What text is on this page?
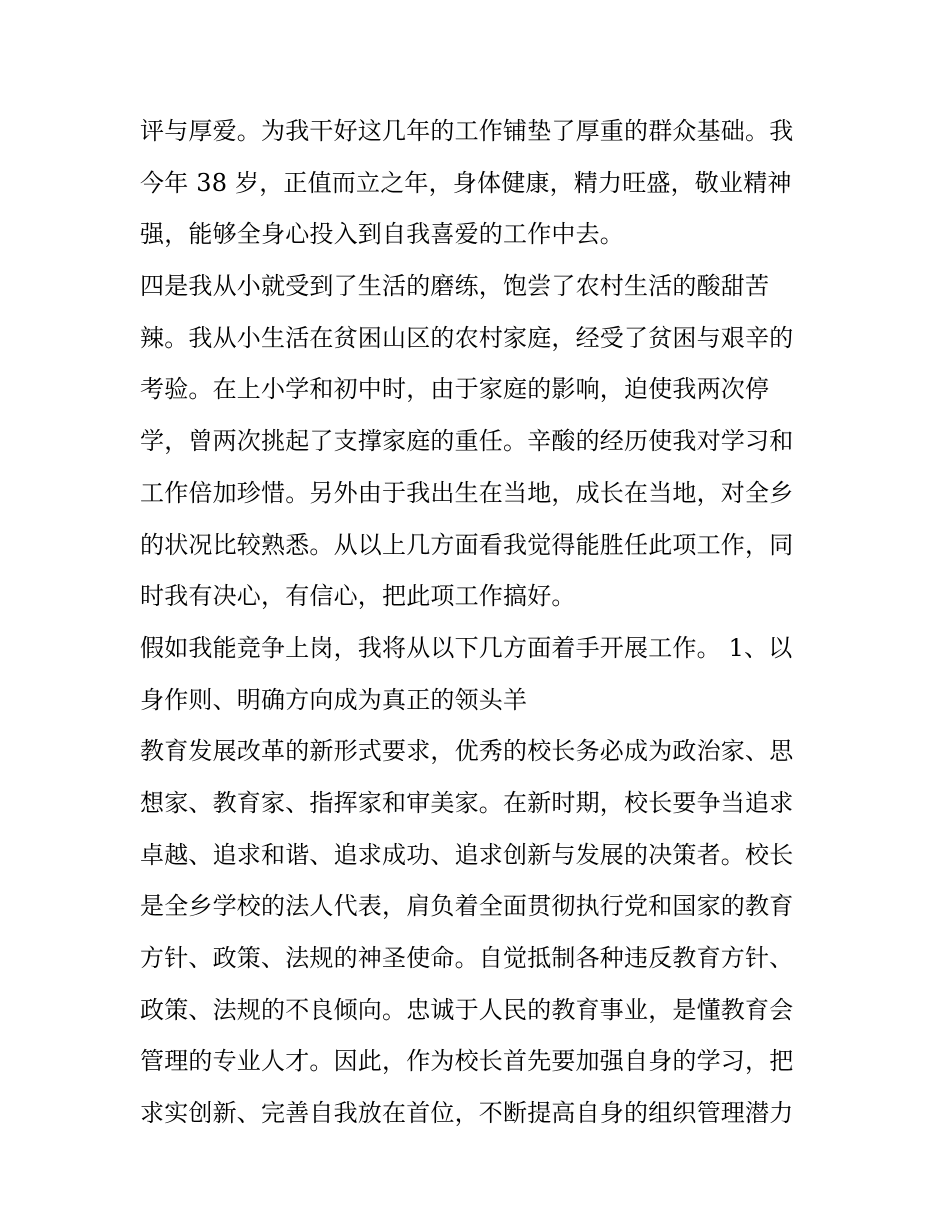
评与厚爱。为我干好这几年的工作铺垫了厚重的群众基础。我
今年 38 岁，正值而立之年，身体健康，精力旺盛，敬业精神
强，能够全身心投入到自我喜爱的工作中去。
四是我从小就受到了生活的磨练，饱尝了农村生活的酸甜苦
辣。我从小生活在贫困山区的农村家庭，经受了贫困与艰辛的
考验。在上小学和初中时，由于家庭的影响，迫使我两次停
学，曾两次挑起了支撑家庭的重任。辛酸的经历使我对学习和
工作倍加珍惜。另外由于我出生在当地，成长在当地，对全乡
的状况比较熟悉。从以上几方面看我觉得能胜任此项工作，同
时我有决心，有信心，把此项工作搞好。
假如我能竞争上岗，我将从以下几方面着手开展工作。 1、以
身作则、明确方向成为真正的领头羊
教育发展改革的新形式要求，优秀的校长务必成为政治家、思
想家、教育家、指挥家和审美家。在新时期，校长要争当追求
卓越、追求和谐、追求成功、追求创新与发展的决策者。校长
是全乡学校的法人代表，肩负着全面贯彻执行党和国家的教育
方针、政策、法规的神圣使命。自觉抵制各种违反教育方针、
政策、法规的不良倾向。忠诚于人民的教育事业，是懂教育会
管理的专业人才。因此，作为校长首先要加强自身的学习，把
求实创新、完善自我放在首位，不断提高自身的组织管理潜力
